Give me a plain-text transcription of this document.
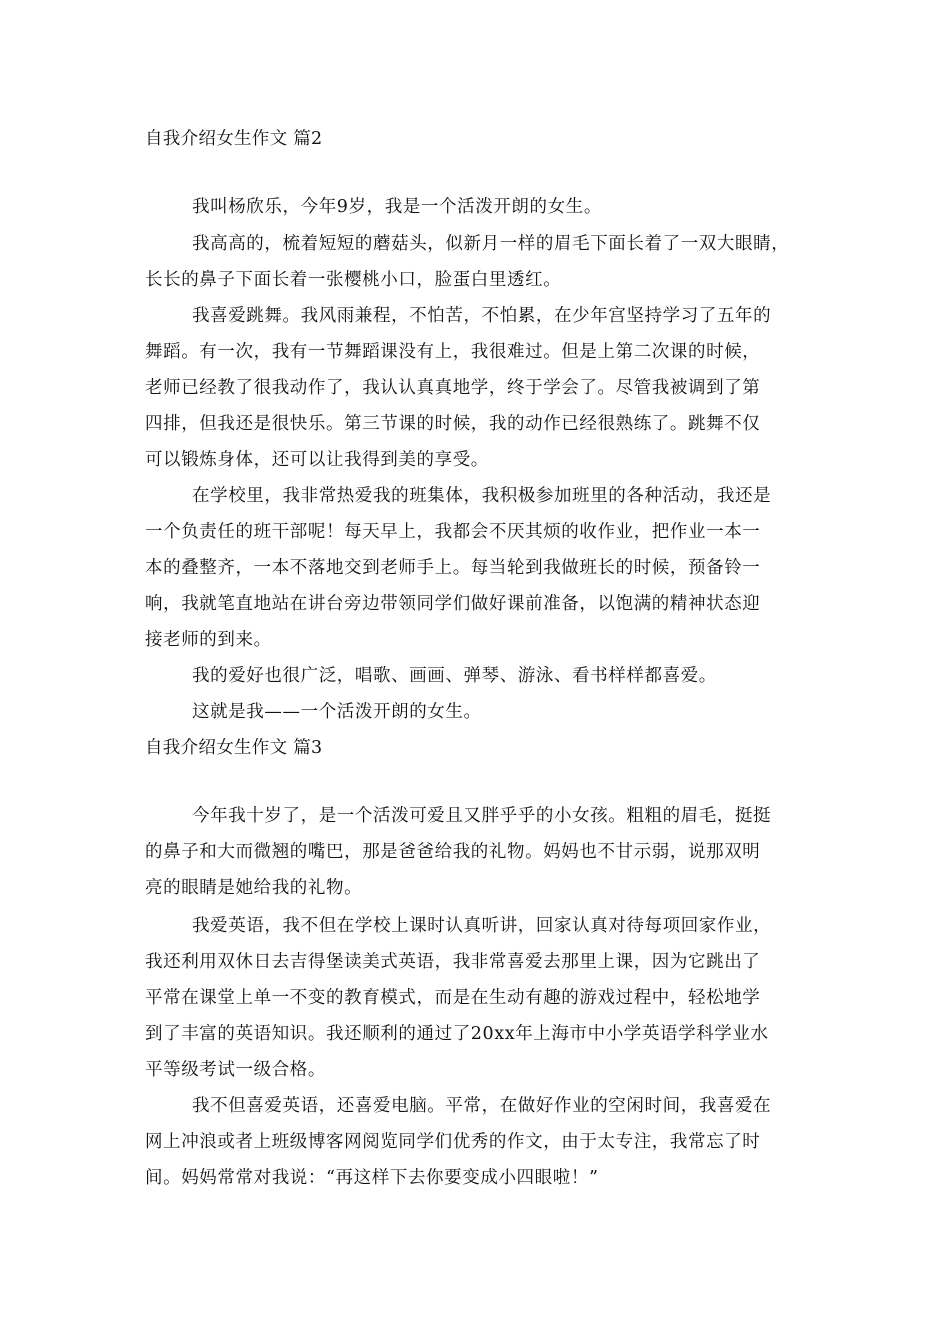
自我介绍女生作文 篇2
我叫杨欣乐，今年9岁，我是一个活泼开朗的女生。
我高高的，梳着短短的蘑菇头，似新月一样的眉毛下面长着了一双大眼睛，
长长的鼻子下面长着一张樱桃小口，脸蛋白里透红。
我喜爱跳舞。我风雨兼程，不怕苦，不怕累，在少年宫坚持学习了五年的
舞蹈。有一次，我有一节舞蹈课没有上，我很难过。但是上第二次课的时候，
老师已经教了很我动作了，我认认真真地学，终于学会了。尽管我被调到了第
四排，但我还是很快乐。第三节课的时候，我的动作已经很熟练了。跳舞不仅
可以锻炼身体，还可以让我得到美的享受。
在学校里，我非常热爱我的班集体，我积极参加班里的各种活动，我还是
一个负责任的班干部呢！每天早上，我都会不厌其烦的收作业，把作业一本一
本的叠整齐，一本不落地交到老师手上。每当轮到我做班长的时候，预备铃一
响，我就笔直地站在讲台旁边带领同学们做好课前准备，以饱满的精神状态迎
接老师的到来。
我的爱好也很广泛，唱歌、画画、弹琴、游泳、看书样样都喜爱。
这就是我——一个活泼开朗的女生。
自我介绍女生作文 篇3
今年我十岁了，是一个活泼可爱且又胖乎乎的小女孩。粗粗的眉毛，挺挺
的鼻子和大而微翘的嘴巴，那是爸爸给我的礼物。妈妈也不甘示弱，说那双明
亮的眼睛是她给我的礼物。
我爱英语，我不但在学校上课时认真听讲，回家认真对待每项回家作业，
我还利用双休日去吉得堡读美式英语，我非常喜爱去那里上课，因为它跳出了
平常在课堂上单一不变的教育模式，而是在生动有趣的游戏过程中，轻松地学
到了丰富的英语知识。我还顺利的通过了20xx年上海市中小学英语学科学业水
平等级考试一级合格。
我不但喜爱英语，还喜爱电脑。平常，在做好作业的空闲时间，我喜爱在
网上冲浪或者上班级博客网阅览同学们优秀的作文，由于太专注，我常忘了时
间。妈妈常常对我说：“再这样下去你要变成小四眼啦！”
